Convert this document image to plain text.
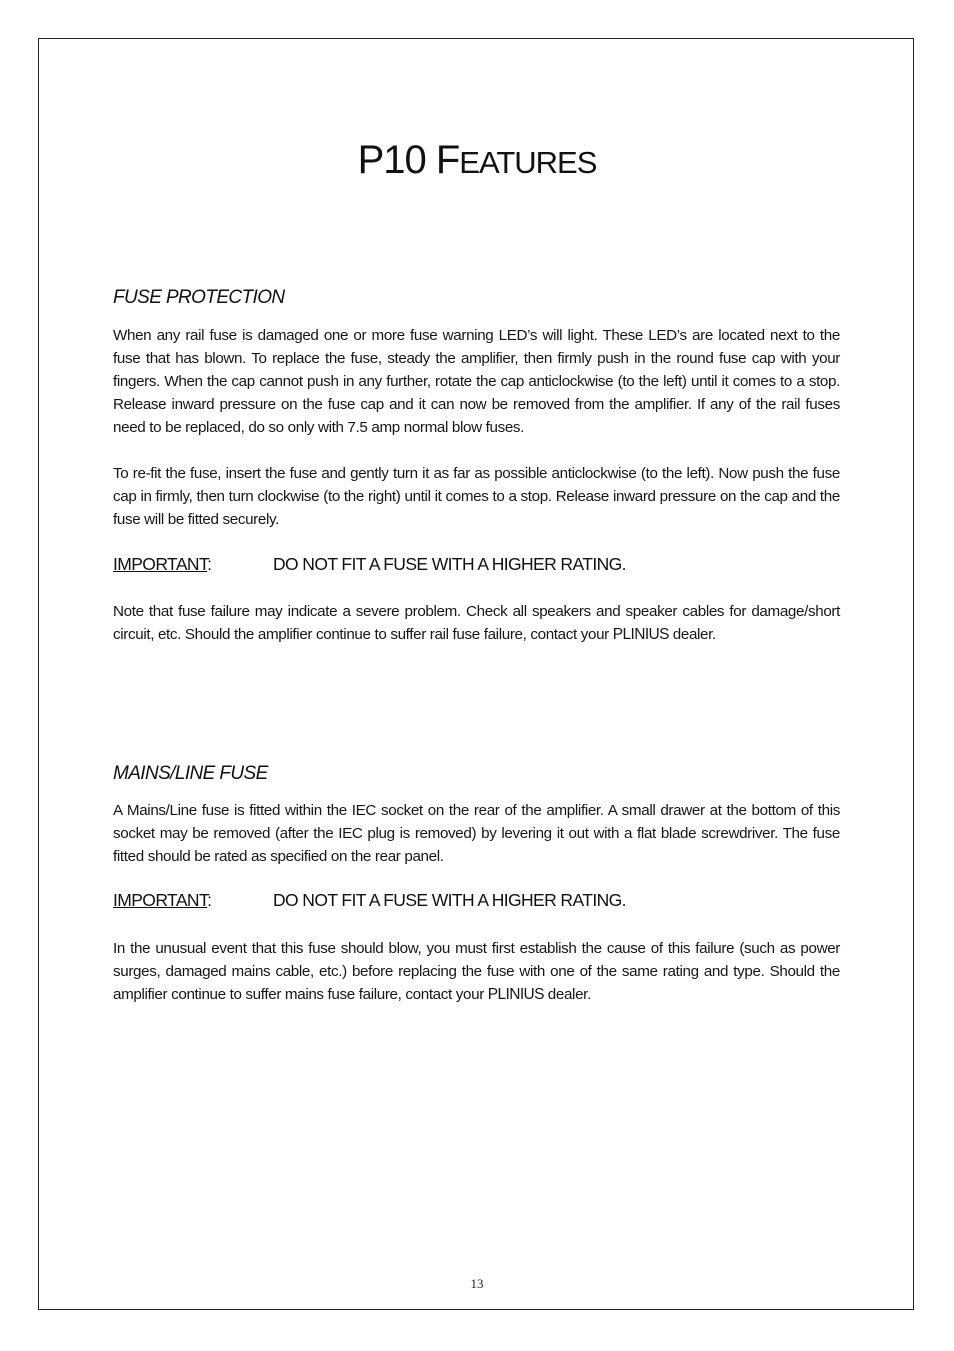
P10 FEATURES
FUSE PROTECTION

When any rail fuse is damaged one or more fuse warning LED’s will light. These LED’s are located next to the fuse that has blown. To replace the fuse, steady the amplifier, then firmly push in the round fuse cap with your fingers. When the cap cannot push in any further, rotate the cap anticlockwise (to the left) until it comes to a stop. Release inward pressure on the fuse cap and it can now be removed from the amplifier. If any of the rail fuses need to be replaced, do so only with 7.5 amp normal blow fuses.

To re-fit the fuse, insert the fuse and gently turn it as far as possible anticlockwise (to the left). Now push the fuse cap in firmly, then turn clockwise (to the right) until it comes to a stop. Release inward pressure on the cap and the fuse will be fitted securely.

IMPORTANT:	DO NOT FIT A FUSE WITH A HIGHER RATING.

Note that fuse failure may indicate a severe problem. Check all speakers and speaker cables for damage/short circuit, etc. Should the amplifier continue to suffer rail fuse failure, contact your PLINIUS dealer.

MAINS/LINE FUSE

A Mains/Line fuse is fitted within the IEC socket on the rear of the amplifier. A small drawer at the bottom of this socket may be removed (after the IEC plug is removed) by levering it out with a flat blade screwdriver. The fuse fitted should be rated as specified on the rear panel.

IMPORTANT:	DO NOT FIT A FUSE WITH A HIGHER RATING.

In the unusual event that this fuse should blow, you must first establish the cause of this failure (such as power surges, damaged mains cable, etc.) before replacing the fuse with one of the same rating and type. Should the amplifier continue to suffer mains fuse failure, contact your PLINIUS dealer.

13
